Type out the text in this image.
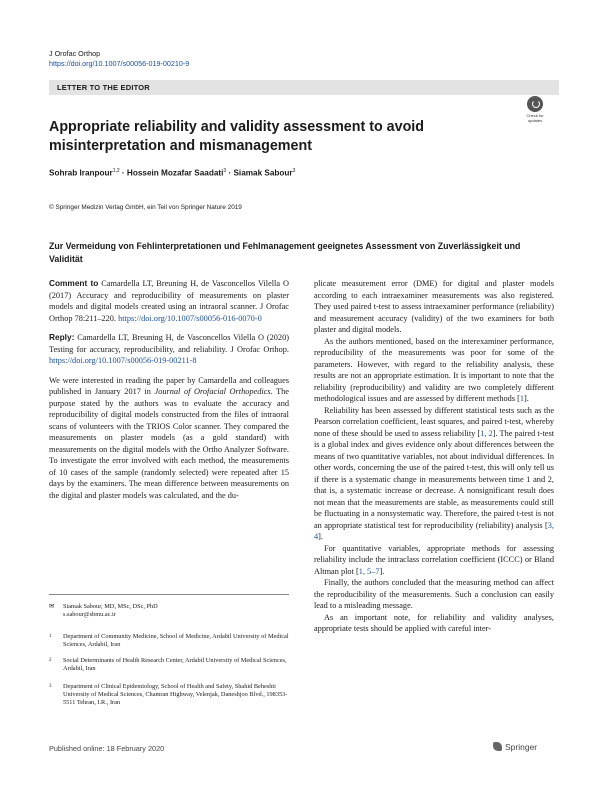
J Orofac Orthop
https://doi.org/10.1007/s00056-019-00210-9
LETTER TO THE EDITOR
Check for updates
Appropriate reliability and validity assessment to avoid misinterpretation and mismanagement
Sohrab Iranpour$^{1,2}$ · Hossein Mozafar Saadati$^3$ · Siamak Sabour$^3$
© Springer Medizin Verlag GmbH, ein Teil von Springer Nature 2019
Zur Vermeidung von Fehlinterpretationen und Fehlmanagement geeignetes Assessment von Zuverlässigkeit und Validität

Comment to Camardella LT, Breuning H, de Vasconcellos Vilella O (2017) Accuracy and reproducibility of measurements on plaster models and digital models created using an intraoral scanner. J Orofac Orthop 78:211–220. https://doi.org/10.1007/s00056-016-0070-0

Reply: Camardella LT, Breuning H, de Vasconcellos Vilella O (2020) Testing for accuracy, reproducibility, and reliability. J Orofac Orthop. https://doi.org/10.1007/s00056-019-00211-8

We were interested in reading the paper by Camardella and colleagues published in January 2017 in Journal of Orofacial Orthopedics. The purpose stated by the authors was to evaluate the accuracy and reproducibility of digital models constructed from the files of intraoral scans of volunteers with the TRIOS Color scanner. They compared the measurements on plaster models (as a gold standard) with measurements on the digital models with the Ortho Analyzer Software. To investigate the error involved with each method, the measurements of 10 cases of the sample (randomly selected) were repeated after 15 days by the examiners. The mean difference between measurements on the digital and plaster models was calculated, and the du-

plicate measurement error (DME) for digital and plaster models according to each intraexaminer measurements was also registered. They used paired t-test to assess intraexaminer performance (reliability) and measurement accuracy (validity) of the two examiners for both plaster and digital models.

As the authors mentioned, based on the interexaminer performance, reproducibility of the measurements was poor for some of the parameters. However, with regard to the reliability analysis, these results are not an appropriate estimation. It is important to note that the reliability (reproducibility) and validity are two completely different methodological issues and are assessed by different methods [1].

Reliability has been assessed by different statistical tests such as the Pearson correlation coefficient, least squares, and paired t-test, whereby none of these should be used to assess reliability [1, 2]. The paired t-test is a global index and gives evidence only about differences between the means of two quantitative variables, not about individual differences. In other words, concerning the use of the paired t-test, this will only tell us if there is a systematic change in measurements between time 1 and 2, that is, a systematic increase or decrease. A nonsignificant result does not mean that the measurements are stable, as measurements could still be fluctuating in a nonsystematic way. Therefore, the paired t-test is not an appropriate statistical test for reproducibility (reliability) analysis [3, 4].

For quantitative variables, appropriate methods for assessing reliability include the intraclass correlation coefficient (ICCC) or Bland Altman plot [1, 5–7].

Finally, the authors concluded that the measuring method can affect the reproducibility of the measurements. Such a conclusion can easily lead to a misleading message.

As an important note, for reliability and validity analyses, appropriate tests should be applied with careful inter-

✉	Siamak Sabour, MD, MSc, DSc, PhD
s.sabour@sbmu.ac.ir
1	Department of Community Medicine, School of Medicine, Ardabil University of Medical Sciences, Ardabil, Iran
2	Social Determinants of Health Research Center, Ardabil University of Medical Sciences, Ardabil, Iran
3	Department of Clinical Epidemiology, School of Health and Safety, Shahid Beheshti University of Medical Sciences, Chamran Highway, Velenjak, Daneshjoo Blvd., 198353-5511 Tehran, I.R., Iran
Published online: 18 February 2020	Springer
